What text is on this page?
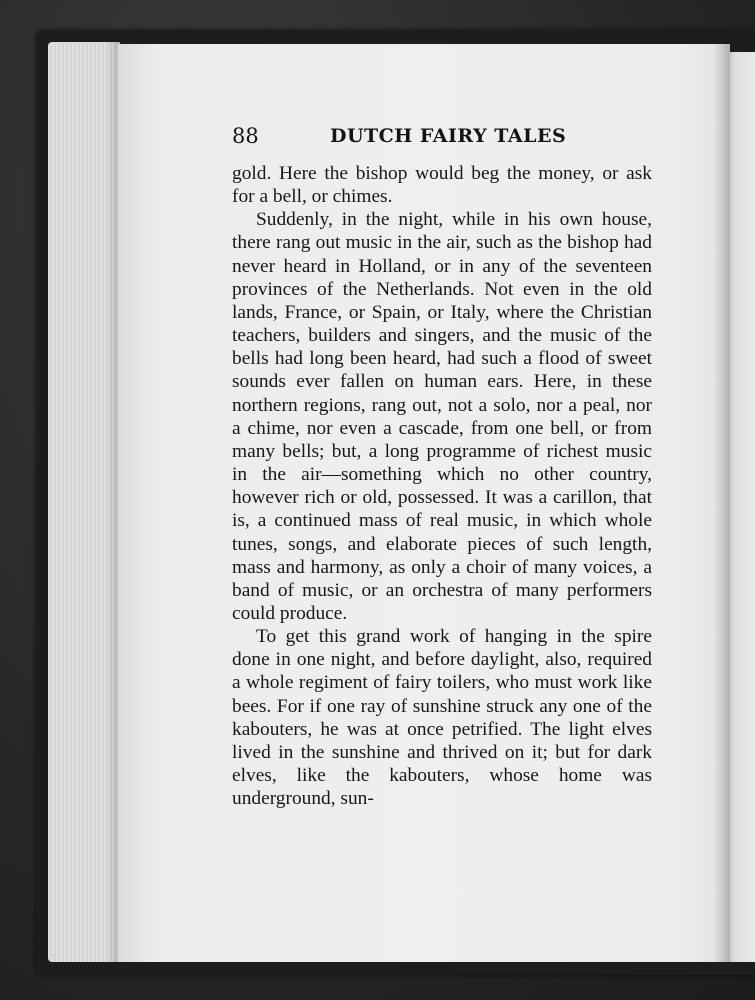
88	DUTCH FAIRY TALES

gold. Here the bishop would beg the money, or ask for a bell, or chimes.

Suddenly, in the night, while in his own house, there rang out music in the air, such as the bishop had never heard in Holland, or in any of the seventeen provinces of the Netherlands. Not even in the old lands, France, or Spain, or Italy, where the Christian teachers, builders and singers, and the music of the bells had long been heard, had such a flood of sweet sounds ever fallen on human ears. Here, in these northern regions, rang out, not a solo, nor a peal, nor a chime, nor even a cascade, from one bell, or from many bells; but, a long programme of richest music in the air—something which no other country, however rich or old, possessed. It was a carillon, that is, a continued mass of real music, in which whole tunes, songs, and elaborate pieces of such length, mass and harmony, as only a choir of many voices, a band of music, or an orchestra of many performers could produce.

To get this grand work of hanging in the spire done in one night, and before daylight, also, required a whole regiment of fairy toilers, who must work like bees. For if one ray of sunshine struck any one of the kabouters, he was at once petrified. The light elves lived in the sunshine and thrived on it; but for dark elves, like the kabouters, whose home was underground, sun-
